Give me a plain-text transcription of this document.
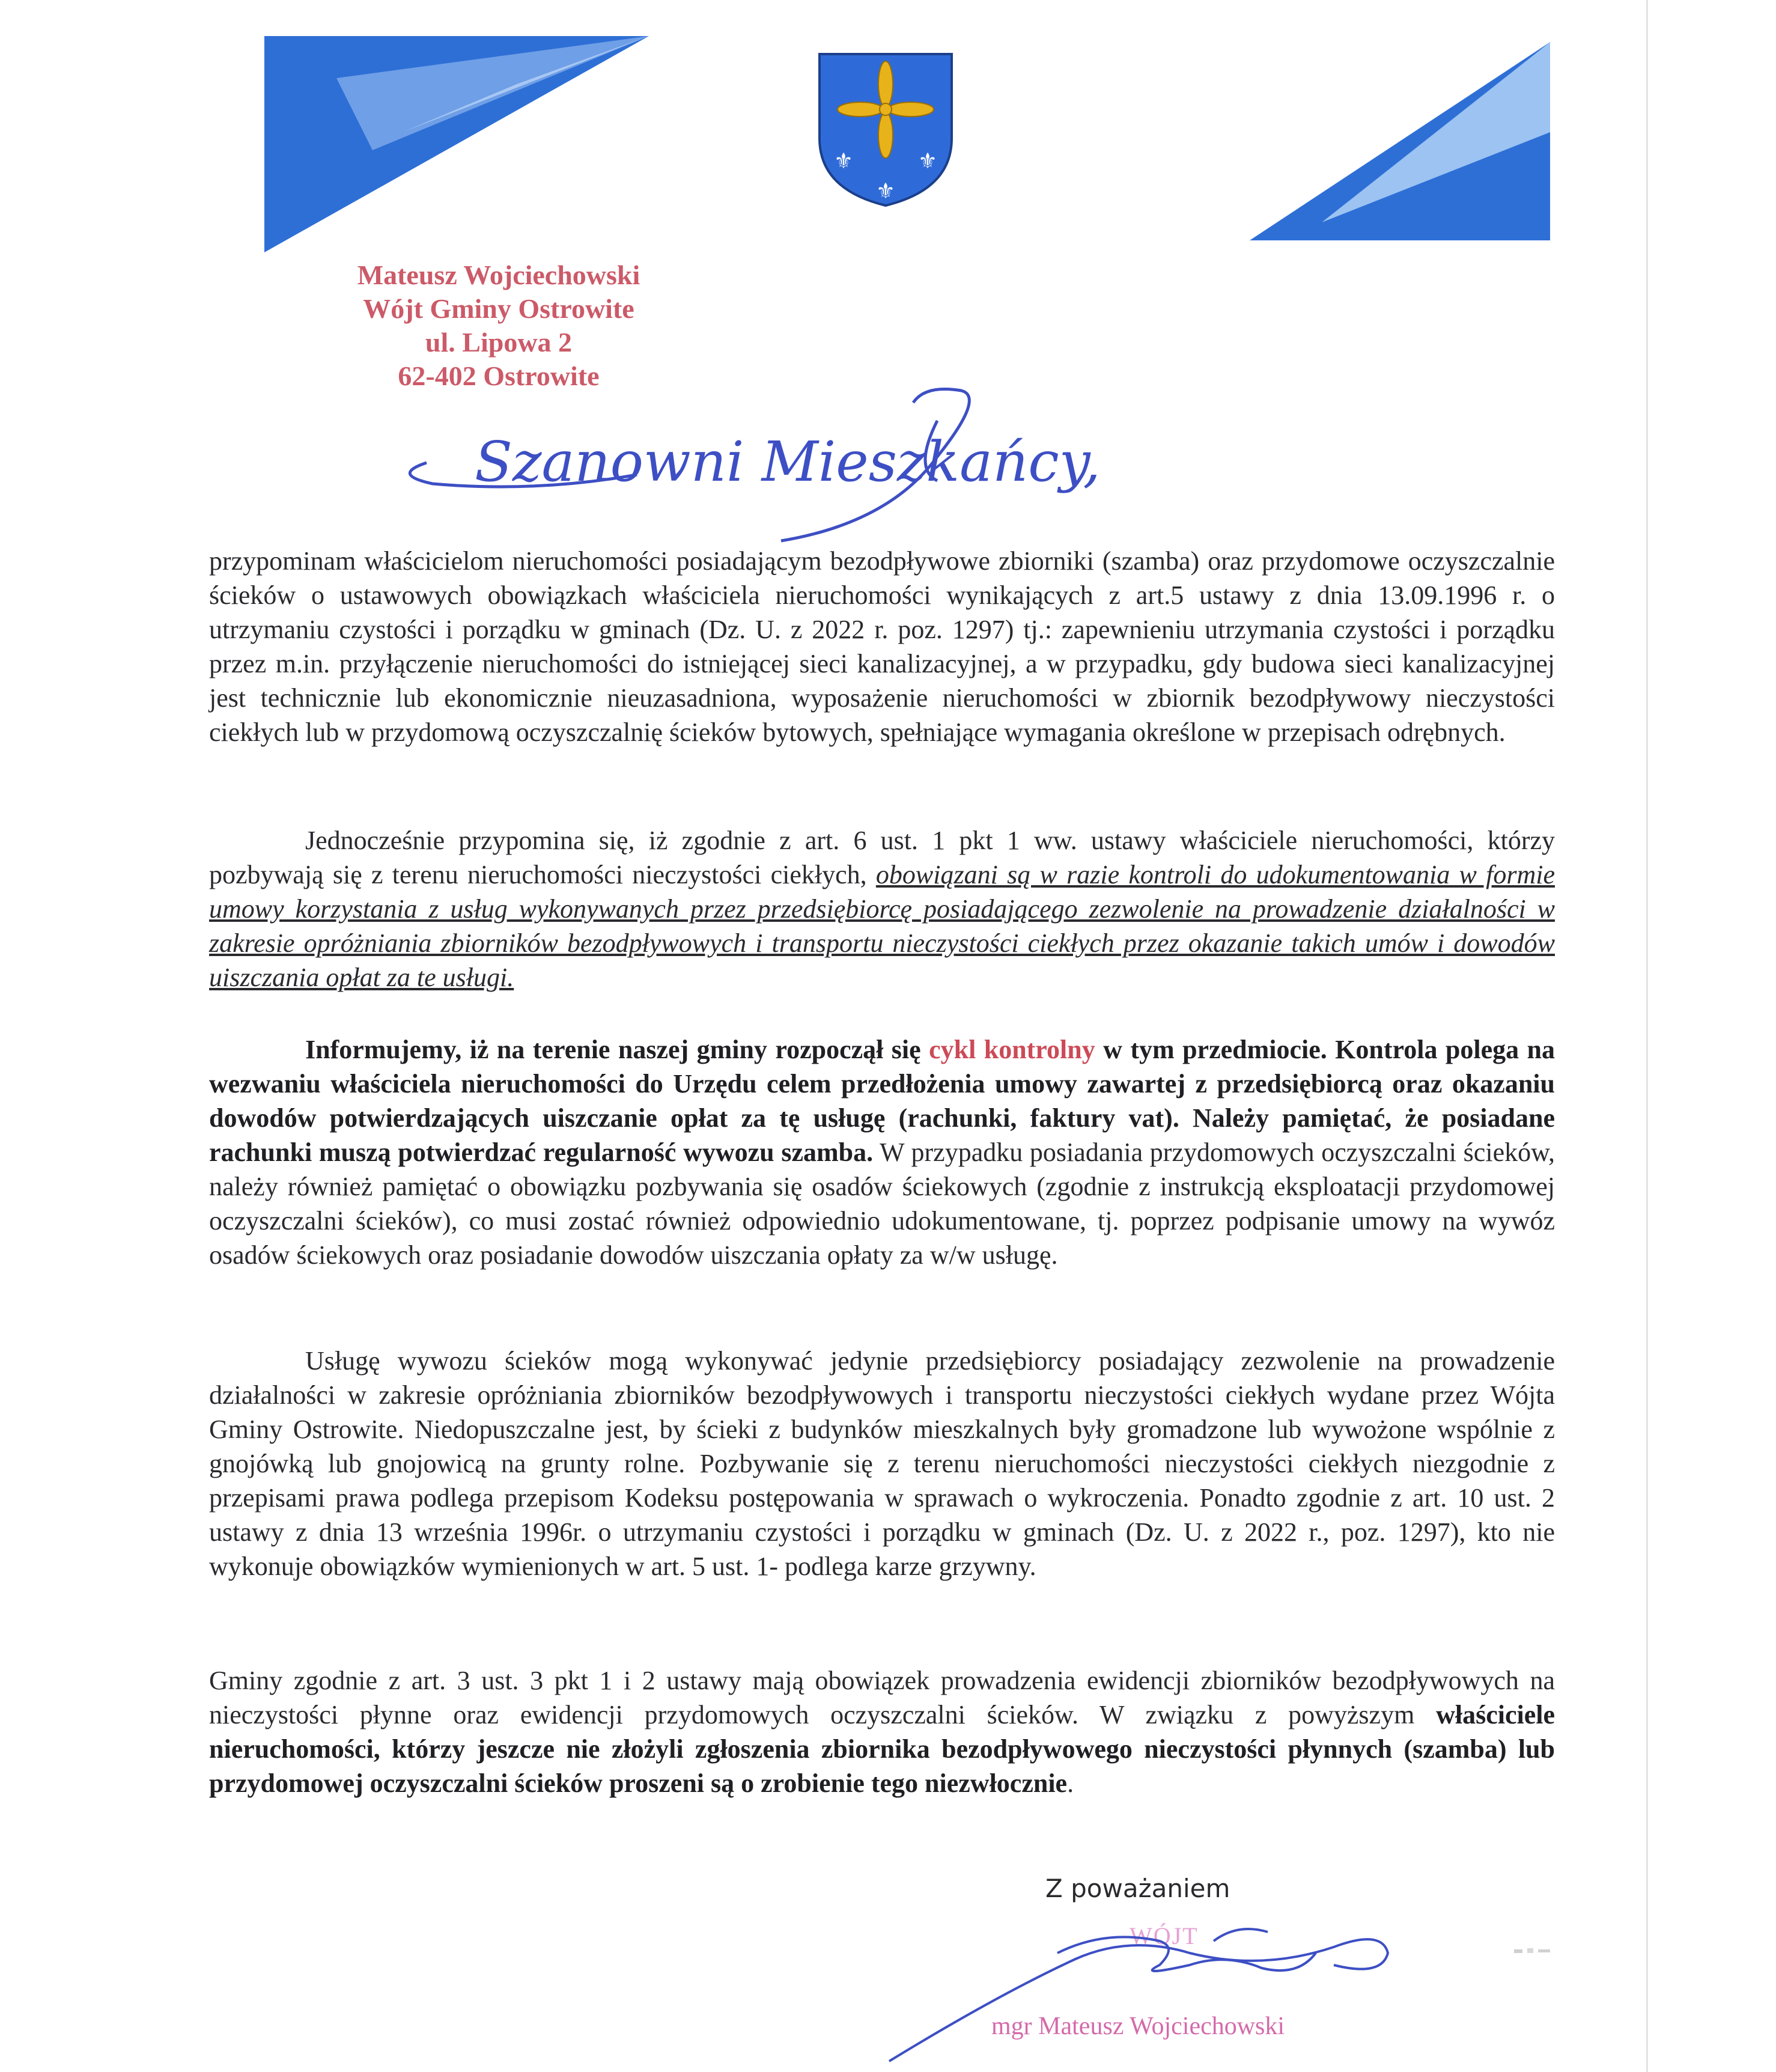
⚜	⚜
⚜
Mateusz Wojciechowski
Wójt Gminy Ostrowite
ul. Lipowa 2
62-402 Ostrowite
Szanowni Mieszkańcy,

przypominam właścicielom nieruchomości posiadającym bezodpływowe zbiorniki (szamba) oraz przydomowe oczyszczalnie ścieków o ustawowych obowiązkach właściciela nieruchomości wynikających z art.5 ustawy z dnia 13.09.1996 r. o utrzymaniu czystości i porządku w gminach (Dz. U. z 2022 r. poz. 1297) tj.: zapewnieniu utrzymania czystości i porządku przez m.in. przyłączenie nieruchomości do istniejącej sieci kanalizacyjnej, a w przypadku, gdy budowa sieci kanalizacyjnej jest technicznie lub ekonomicznie nieuzasadniona, wyposażenie nieruchomości w zbiornik bezodpływowy nieczystości ciekłych lub w przydomową oczyszczalnię ścieków bytowych, spełniające wymagania określone w przepisach odrębnych.

Jednocześnie przypomina się, iż zgodnie z art. 6 ust. 1 pkt 1 ww. ustawy właściciele nieruchomości, którzy pozbywają się z terenu nieruchomości nieczystości ciekłych, obowiązani są w razie kontroli do udokumentowania w formie umowy korzystania z usług wykonywanych przez przedsiębiorcę posiadającego zezwolenie na prowadzenie działalności w zakresie opróżniania zbiorników bezodpływowych i transportu nieczystości ciekłych przez okazanie takich umów i dowodów uiszczania opłat za te usługi.

Informujemy, iż na terenie naszej gminy rozpoczął się cykl kontrolny w tym przedmiocie. Kontrola polega na wezwaniu właściciela nieruchomości do Urzędu celem przedłożenia umowy zawartej z przedsiębiorcą oraz okazaniu dowodów potwierdzających uiszczanie opłat za tę usługę (rachunki, faktury vat). Należy pamiętać, że posiadane rachunki muszą potwierdzać regularność wywozu szamba. W przypadku posiadania przydomowych oczyszczalni ścieków, należy również pamiętać o obowiązku pozbywania się osadów ściekowych (zgodnie z instrukcją eksploatacji przydomowej oczyszczalni ścieków), co musi zostać również odpowiednio udokumentowane, tj. poprzez podpisanie umowy na wywóz osadów ściekowych oraz posiadanie dowodów uiszczania opłaty za w/w usługę.

Usługę wywozu ścieków mogą wykonywać jedynie przedsiębiorcy posiadający zezwolenie na prowadzenie działalności w zakresie opróżniania zbiorników bezodpływowych i transportu nieczystości ciekłych wydane przez Wójta Gminy Ostrowite. Niedopuszczalne jest, by ścieki z budynków mieszkalnych były gromadzone lub wywożone wspólnie z gnojówką lub gnojowicą na grunty rolne. Pozbywanie się z terenu nieruchomości nieczystości ciekłych niezgodnie z przepisami prawa podlega przepisom Kodeksu postępowania w sprawach o wykroczenia. Ponadto zgodnie z art. 10 ust. 2 ustawy z dnia 13 września 1996r. o utrzymaniu czystości i porządku w gminach (Dz. U. z 2022 r., poz. 1297), kto nie wykonuje obowiązków wymienionych w art. 5 ust. 1- podlega karze grzywny.

Gminy zgodnie z art. 3 ust. 3 pkt 1 i 2 ustawy mają obowiązek prowadzenia ewidencji zbiorników bezodpływowych na nieczystości płynne oraz ewidencji przydomowych oczyszczalni ścieków. W związku z powyższym właściciele nieruchomości, którzy jeszcze nie złożyli zgłoszenia zbiornika bezodpływowego nieczystości płynnych (szamba) lub przydomowej oczyszczalni ścieków proszeni są o zrobienie tego niezwłocznie.

Z poważaniem
WÓJT
mgr Mateusz Wojciechowski
